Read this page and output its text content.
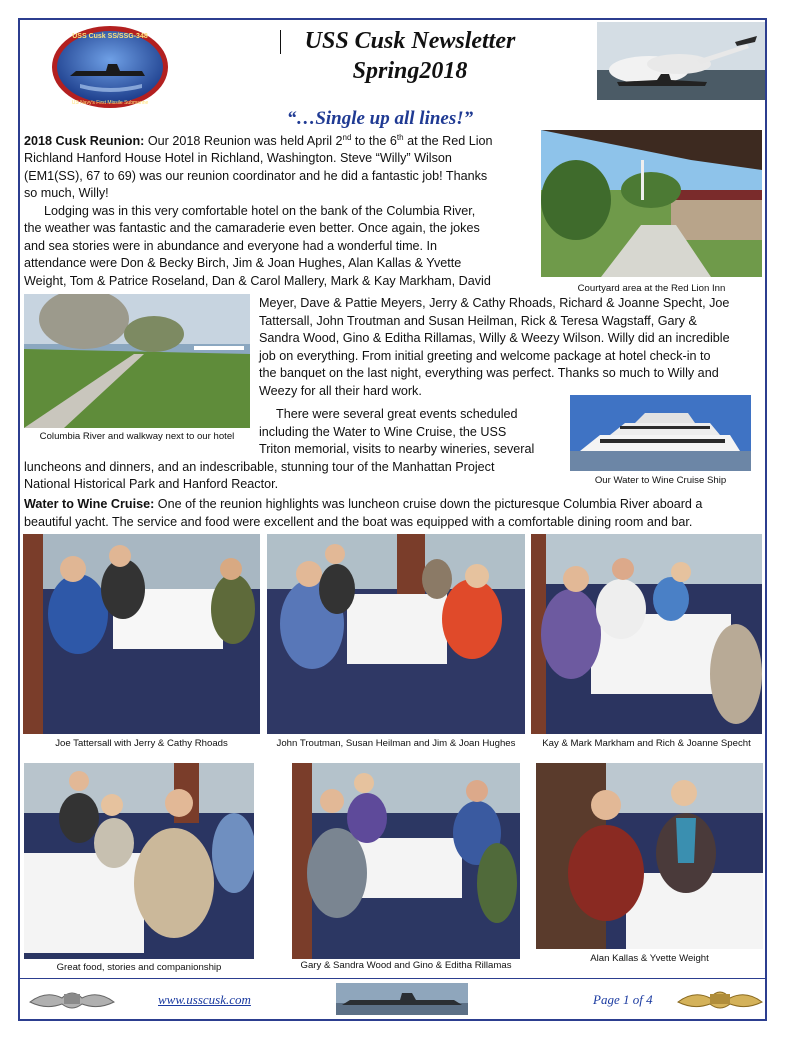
USS Cusk SS/SSG-348
US Navy's First Missile Submarine
USS Cusk Newsletter
Spring2018
“…Single up all lines!”
Courtyard area at the Red Lion Inn
Columbia River and walkway next to our hotel
Our Water to Wine Cruise Ship
2018 Cusk Reunion: Our 2018 Reunion was held April 2nd to the 6th at the Red Lion
Richland Hanford House Hotel in Richland, Washington. Steve “Willy” Wilson
(EM1(SS), 67 to 69) was our reunion coordinator and he did a fantastic job! Thanks
so much, Willy!
Lodging was in this very comfortable hotel on the bank of the Columbia River,
the weather was fantastic and the camaraderie even better. Once again, the jokes
and sea stories were in abundance and everyone had a wonderful time. In
attendance were Don & Becky Birch, Jim & Joan Hughes, Alan Kallas & Yvette
Weight, Tom & Patrice Roseland, Dan & Carol Mallery, Mark & Kay Markham, David
Meyer, Dave & Pattie Meyers, Jerry & Cathy Rhoads, Richard & Joanne Specht, Joe
Tattersall, John Troutman and Susan Heilman, Rick & Teresa Wagstaff, Gary &
Sandra Wood, Gino & Editha Rillamas, Willy & Weezy Wilson. Willy did an incredible
job on everything. From initial greeting and welcome package at hotel check-in to
the banquet on the last night, everything was perfect. Thanks so much to Willy and
Weezy for all their hard work.
There were several great events scheduled
including the Water to Wine Cruise, the USS
Triton memorial, visits to nearby wineries, several
luncheons and dinners, and an indescribable, stunning tour of the Manhattan Project
National Historical Park and Hanford Reactor.
Water to Wine Cruise: One of the reunion highlights was luncheon cruise down the picturesque Columbia River aboard a
beautiful yacht. The service and food were excellent and the boat was equipped with a comfortable dining room and bar.
Joe Tattersall with Jerry & Cathy Rhoads	John Troutman, Susan Heilman and Jim & Joan Hughes	Kay & Mark Markham and Rich & Joanne Specht
Great food, stories and companionship	Gary & Sandra Wood and Gino & Editha Rillamas
Alan Kallas & Yvette Weight
www.usscusk.com	Page 1 of 4
